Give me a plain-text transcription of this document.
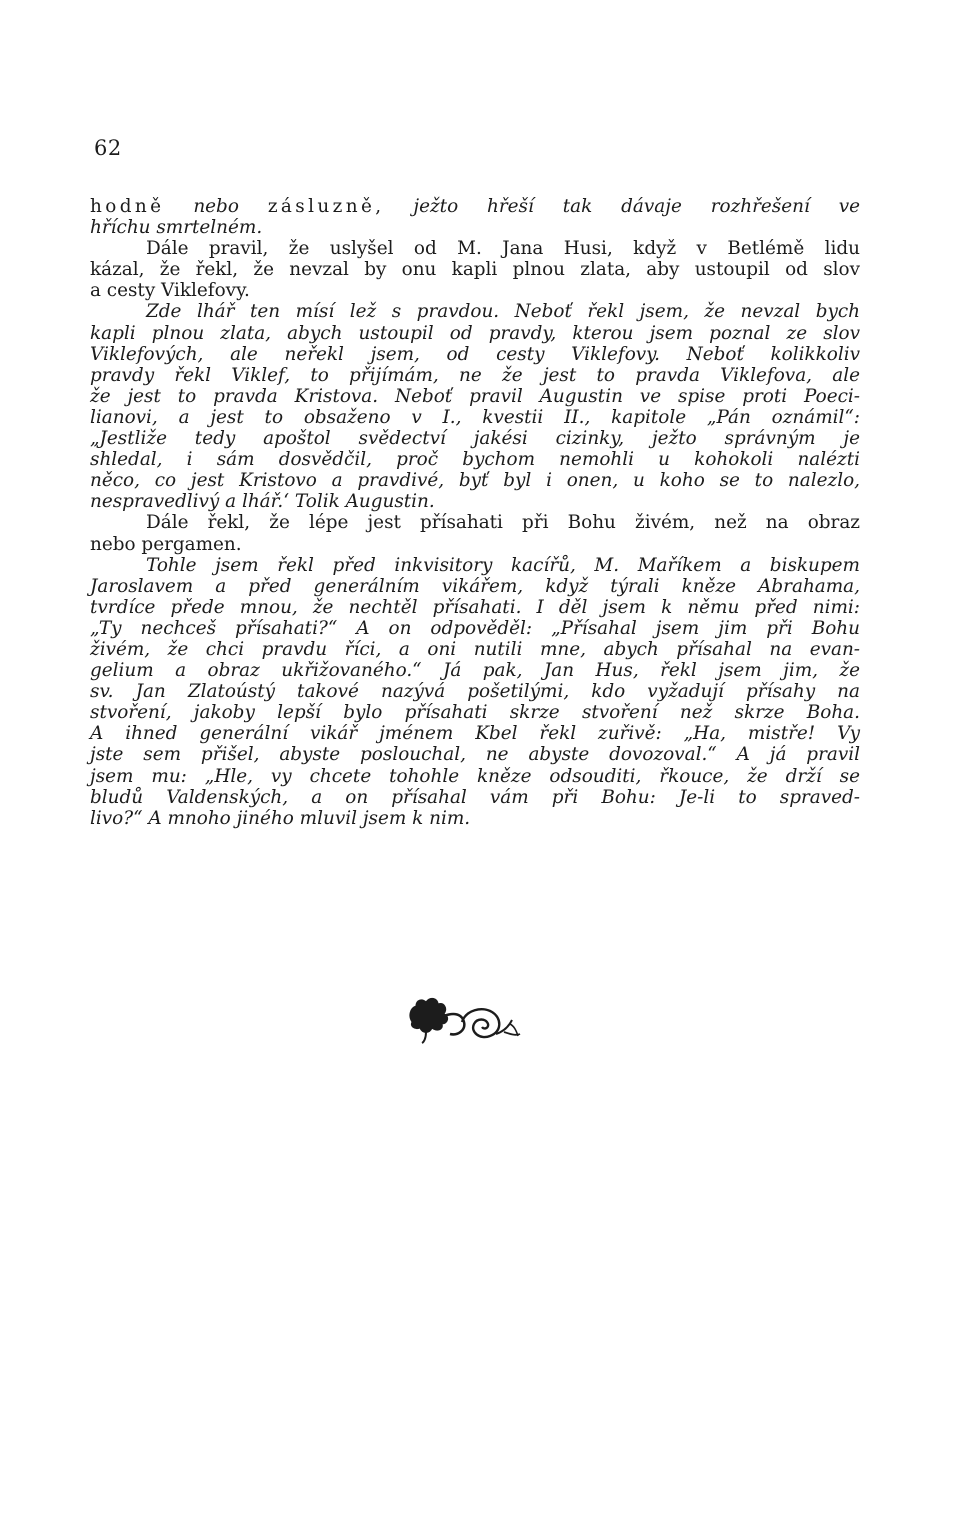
62
hodně nebo zásluzně, ježto hřeší tak dávaje rozhřešení ve
hříchu smrtelném.
Dále pravil, že uslyšel od M. Jana Husi, když v Betlémě lidu
kázal, že řekl, že nevzal by onu kapli plnou zlata, aby ustoupil od slov
a cesty Viklefovy.
Zde lhář ten mísí lež s pravdou. Neboť řekl jsem, že nevzal bych
kapli plnou zlata, abych ustoupil od pravdy, kterou jsem poznal ze slov
Viklefových, ale neřekl jsem, od cesty Viklefovy. Neboť kolikkoliv
pravdy řekl Viklef, to přijímám, ne že jest to pravda Viklefova, ale
že jest to pravda Kristova. Neboť pravil Augustin ve spise proti Poeci-
lianovi, a jest to obsaženo v I., kvestii II., kapitole „Pán oznámil“:
„Jestliže tedy apoštol svědectví jakési cizinky, ježto správným je
shledal, i sám dosvědčil, proč bychom nemohli u kohokoli nalézti
něco, co jest Kristovo a pravdivé, byť byl i onen, u koho se to nalezlo,
nespravedlivý a lhář.‘ Tolik Augustin.
Dále řekl, že lépe jest přísahati při Bohu živém, než na obraz
nebo pergamen.
Tohle jsem řekl před inkvisitory kacířů, M. Maříkem a biskupem
Jaroslavem a před generálním vikářem, když týrali kněze Abrahama,
tvrdíce přede mnou, že nechtěl přísahati. I děl jsem k němu před nimi:
„Ty nechceš přísahati?“ A on odpověděl: „Přísahal jsem jim při Bohu
živém, že chci pravdu říci, a oni nutili mne, abych přísahal na evan-
gelium a obraz ukřižovaného.“ Já pak, Jan Hus, řekl jsem jim, že
sv. Jan Zlatoústý takové nazývá pošetilými, kdo vyžadují přísahy na
stvoření, jakoby lepší bylo přísahati skrze stvoření než skrze Boha.
A ihned generální vikář jménem Kbel řekl zuřivě: „Ha, mistře! Vy
jste sem přišel, abyste poslouchal, ne abyste dovozoval.“ A já pravil
jsem mu: „Hle, vy chcete tohohle kněze odsouditi, řkouce, že drží se
bludů Valdenských, a on přísahal vám při Bohu: Je-li to spraved-
livo?“ A mnoho jiného mluvil jsem k nim.
